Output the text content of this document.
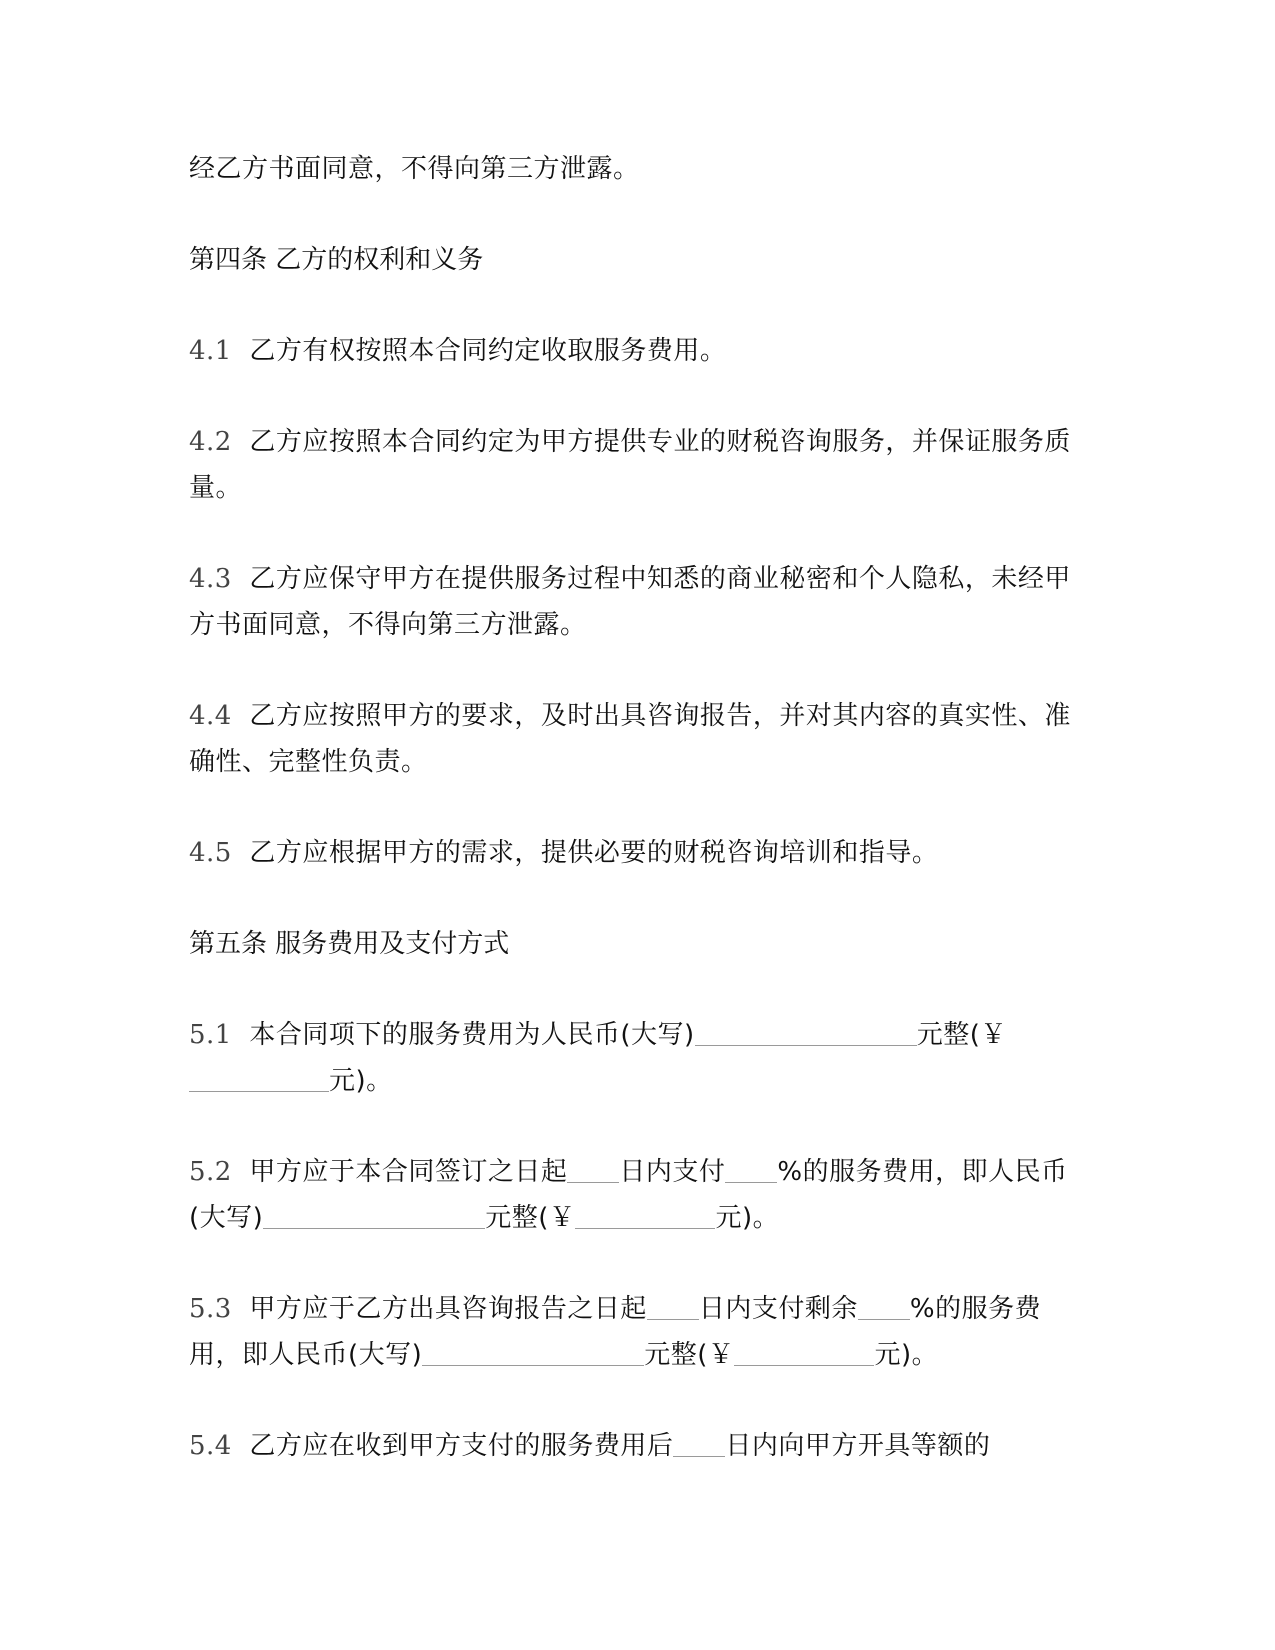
经乙方书面同意，不得向第三方泄露。

第四条 乙方的权利和义务

4.1 乙方有权按照本合同约定收取服务费用。

4.2 乙方应按照本合同约定为甲方提供专业的财税咨询服务，并保证服务质量。

4.3 乙方应保守甲方在提供服务过程中知悉的商业秘密和个人隐私，未经甲方书面同意，不得向第三方泄露。

4.4 乙方应按照甲方的要求，及时出具咨询报告，并对其内容的真实性、准确性、完整性负责。

4.5 乙方应根据甲方的需求，提供必要的财税咨询培训和指导。

第五条 服务费用及支付方式

5.1 本合同项下的服务费用为人民币(大写)	元整(￥
元)。

5.2 甲方应于本合同签订之日起 日内支付 %的服务费用，即人民币(大写)	元整(￥	元)。

5.3 甲方应于乙方出具咨询报告之日起 日内支付剩余 %的服务费用，即人民币(大写)	元整(￥	元)。

5.4 乙方应在收到甲方支付的服务费用后 日内向甲方开具等额的
